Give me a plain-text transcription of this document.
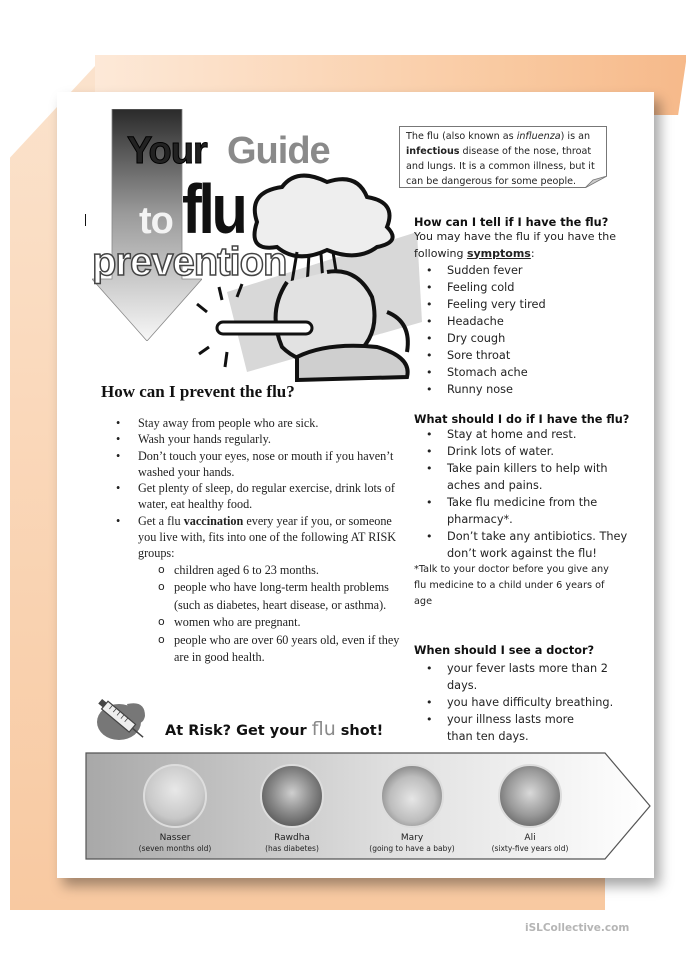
Your Guide
to flu
prevention
The flu (also known as influenza) is an infectious disease of the nose, throat and lungs. It is a common illness, but it can be dangerous for some people.

How can I tell if I have the flu?

You may have the flu if you have the following symptoms:

• Sudden fever
• Feeling cold
• Feeling very tired
• Headache
• Dry cough
• Sore throat
• Stomach ache
• Runny nose

What should I do if I have the flu?

• Stay at home and rest.
• Drink lots of water.
• Take pain killers to help with aches and pains.
• Take flu medicine from the pharmacy*.
• Don’t take any antibiotics. They don’t work against the flu!

*Talk to your doctor before you give any flu medicine to a child under 6 years of age

When should I see a doctor?

• your fever lasts more than 2 days.
• you have difficulty breathing.
• your illness lasts more than ten days.

How can I prevent the flu?

• Stay away from people who are sick.
• Wash your hands regularly.
• Don’t touch your eyes, nose or mouth if you haven’t washed your hands.
• Get plenty of sleep, do regular exercise, drink lots of water, eat healthy food.
• Get a flu vaccination every year if you, or someone you live with, fits into one of the following AT RISK groups:
o children aged 6 to 23 months.
o people who have long-term health problems (such as diabetes, heart disease, or asthma).
o women who are pregnant.
o people who are over 60 years old, even if they are in good health.
At Risk? Get your flu shot!
Nasser
(seven months old)
Rawdha
(has diabetes)
Mary
(going to have a baby)
Ali
(sixty-five years old)
iSLCollective.com
